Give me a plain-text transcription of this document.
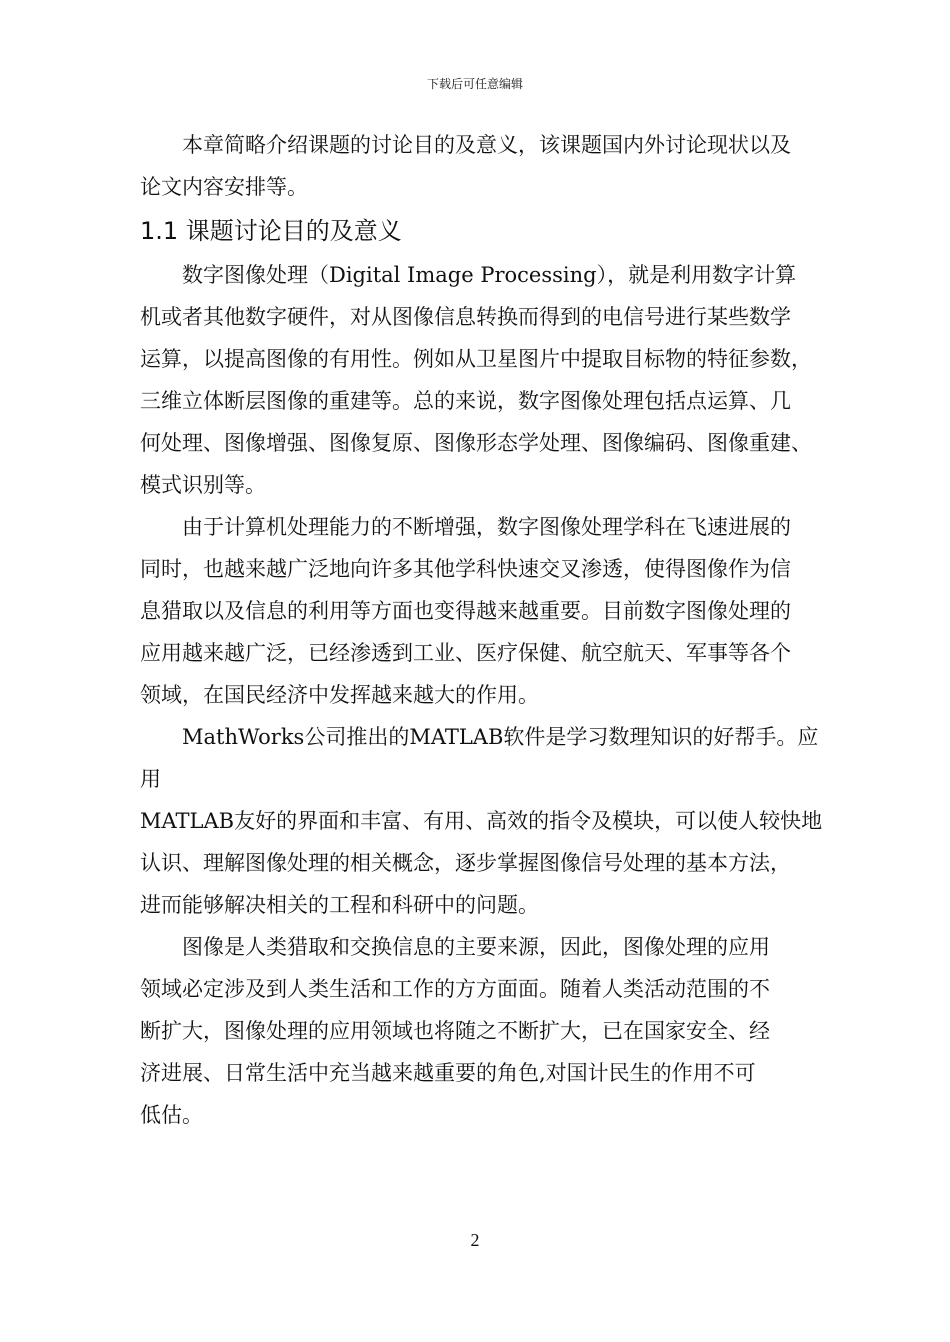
下载后可任意编辑

本章简略介绍课题的讨论目的及意义，该课题国内外讨论现状以及
论文内容安排等。

1.1 课题讨论目的及意义

数字图像处理（Digital Image Processing），就是利用数字计算
机或者其他数字硬件，对从图像信息转换而得到的电信号进行某些数学
运算，以提高图像的有用性。例如从卫星图片中提取目标物的特征参数，
三维立体断层图像的重建等。总的来说，数字图像处理包括点运算、几
何处理、图像增强、图像复原、图像形态学处理、图像编码、图像重建、
模式识别等。

由于计算机处理能力的不断增强，数字图像处理学科在飞速进展的
同时，也越来越广泛地向许多其他学科快速交叉渗透，使得图像作为信
息猎取以及信息的利用等方面也变得越来越重要。目前数字图像处理的
应用越来越广泛，已经渗透到工业、医疗保健、航空航天、军事等各个
领域，在国民经济中发挥越来越大的作用。

MathWorks公司推出的MATLAB软件是学习数理知识的好帮手。应用
MATLAB友好的界面和丰富、有用、高效的指令及模块，可以使人较快地
认识、理解图像处理的相关概念，逐步掌握图像信号处理的基本方法，
进而能够解决相关的工程和科研中的问题。

图像是人类猎取和交换信息的主要来源，因此，图像处理的应用
领域必定涉及到人类生活和工作的方方面面。随着人类活动范围的不
断扩大，图像处理的应用领域也将随之不断扩大，已在国家安全、经
济进展、日常生活中充当越来越重要的角色,对国计民生的作用不可
低估。

2
